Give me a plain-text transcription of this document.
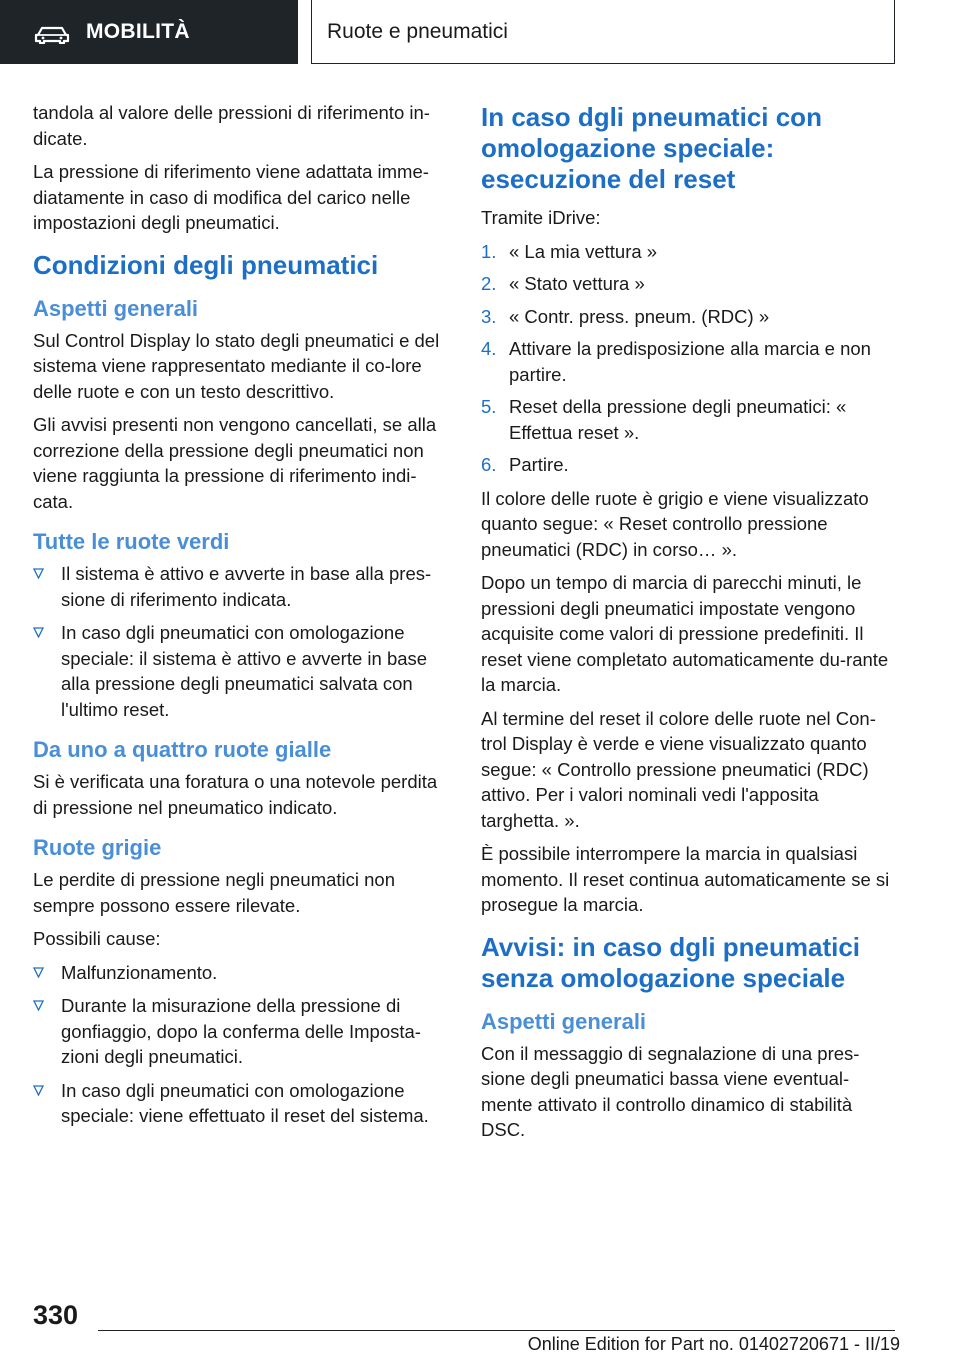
MOBILITÀ	Ruote e pneumatici

tandola al valore delle pressioni di riferimento in-dicate.

La pressione di riferimento viene adattata imme-diatamente in caso di modifica del carico nelle impostazioni degli pneumatici.

Condizioni degli pneumatici
Aspetti generali

Sul Control Display lo stato degli pneumatici e del sistema viene rappresentato mediante il co-lore delle ruote e con un testo descrittivo.

Gli avvisi presenti non vengono cancellati, se alla correzione della pressione degli pneumatici non viene raggiunta la pressione di riferimento indi-cata.

Tutte le ruote verdi
Il sistema è attivo e avverte in base alla pres-sione di riferimento indicata.
In caso dgli pneumatici con omologazione speciale: il sistema è attivo e avverte in base alla pressione degli pneumatici salvata con l'ultimo reset.
Da uno a quattro ruote gialle

Si è verificata una foratura o una notevole perdita di pressione nel pneumatico indicato.

Ruote grigie

Le perdite di pressione negli pneumatici non sempre possono essere rilevate.

Possibili cause:

Malfunzionamento.
Durante la misurazione della pressione di gonfiaggio, dopo la conferma delle Imposta-zioni degli pneumatici.
In caso dgli pneumatici con omologazione speciale: viene effettuato il reset del sistema.
In caso dgli pneumatici con omologazione speciale: esecuzione del reset

Tramite iDrive:

1. « La mia vettura »
2. « Stato vettura »
3. « Contr. press. pneum. (RDC) »
4. Attivare la predisposizione alla marcia e non partire.
5. Reset della pressione degli pneumatici: « Effettua reset ».
6. Partire.

Il colore delle ruote è grigio e viene visualizzato quanto segue: « Reset controllo pressione pneumatici (RDC) in corso… ».

Dopo un tempo di marcia di parecchi minuti, le pressioni degli pneumatici impostate vengono acquisite come valori di pressione predefiniti. Il reset viene completato automaticamente du-rante la marcia.

Al termine del reset il colore delle ruote nel Con-trol Display è verde e viene visualizzato quanto segue: « Controllo pressione pneumatici (RDC) attivo. Per i valori nominali vedi l'apposita targhetta. ».

È possibile interrompere la marcia in qualsiasi momento. Il reset continua automaticamente se si prosegue la marcia.

Avvisi: in caso dgli pneumatici senza omologazione speciale
Aspetti generali

Con il messaggio di segnalazione di una pres-sione degli pneumatici bassa viene eventual-mente attivato il controllo dinamico di stabilità DSC.

330
Online Edition for Part no. 01402720671 - II/19
